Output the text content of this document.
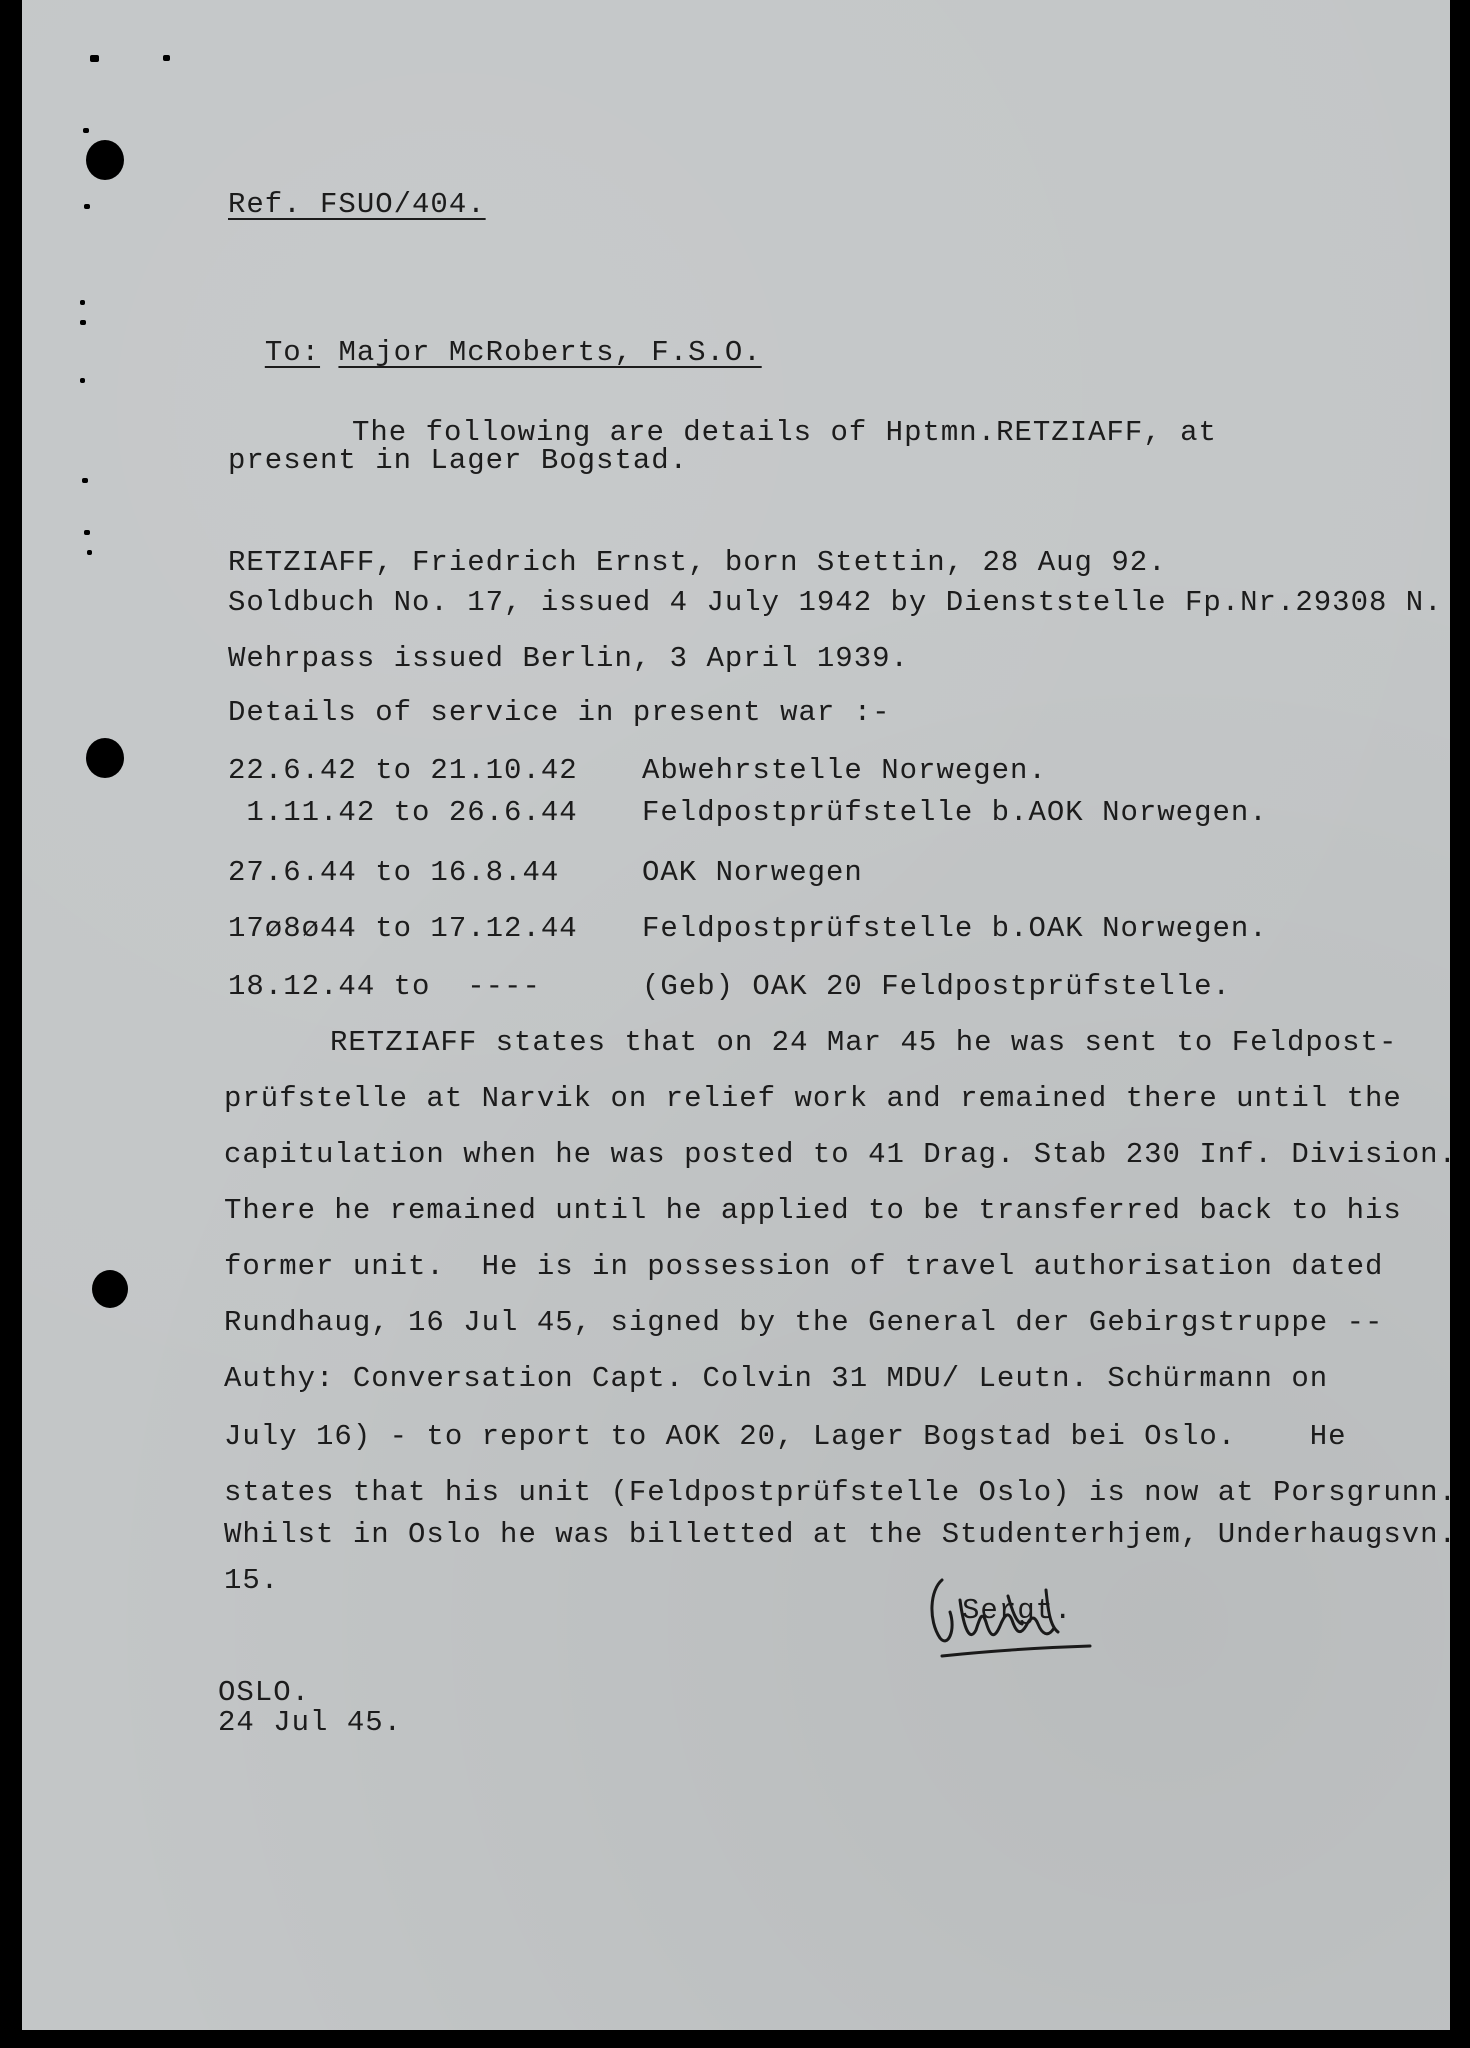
Ref. FSUO/404.

To: Major McRoberts, F.S.O.

The following are details of Hptmn.RETZIAFF, at
present in Lager Bogstad.
RETZIAFF, Friedrich Ernst, born Stettin, 28 Aug 92.
Soldbuch No. 17, issued 4 July 1942 by Dienststelle Fp.Nr.29308 N.
Wehrpass issued Berlin, 3 April 1939.
Details of service in present war :-
22.6.42 to 21.10.42 Abwehrstelle Norwegen.
1.11.42 to 26.6.44 Feldpostprüfstelle b.AOK Norwegen.
27.6.44 to 16.8.44	OAK Norwegen
17ø8ø44 to 17.12.44 Feldpostprüfstelle b.OAK Norwegen.
18.12.44 to  ----	(Geb) OAK 20 Feldpostprüfstelle.
RETZIAFF states that on 24 Mar 45 he was sent to Feldpost-
prüfstelle at Narvik on relief work and remained there until the
capitulation when he was posted to 41 Drag. Stab 230 Inf. Division.
There he remained until he applied to be transferred back to his
former unit.  He is in possession of travel authorisation dated
Rundhaug, 16 Jul 45, signed by the General der Gebirgstruppe --
Authy: Conversation Capt. Colvin 31 MDU/ Leutn. Schürmann on
July 16) - to report to AOK 20, Lager Bogstad bei Oslo.    He
states that his unit (Feldpostprüfstelle Oslo) is now at Porsgrunn.
Whilst in Oslo he was billetted at the Studenterhjem, Underhaugsvn.
15.
Sergt.
OSLO.
24 Jul 45.
